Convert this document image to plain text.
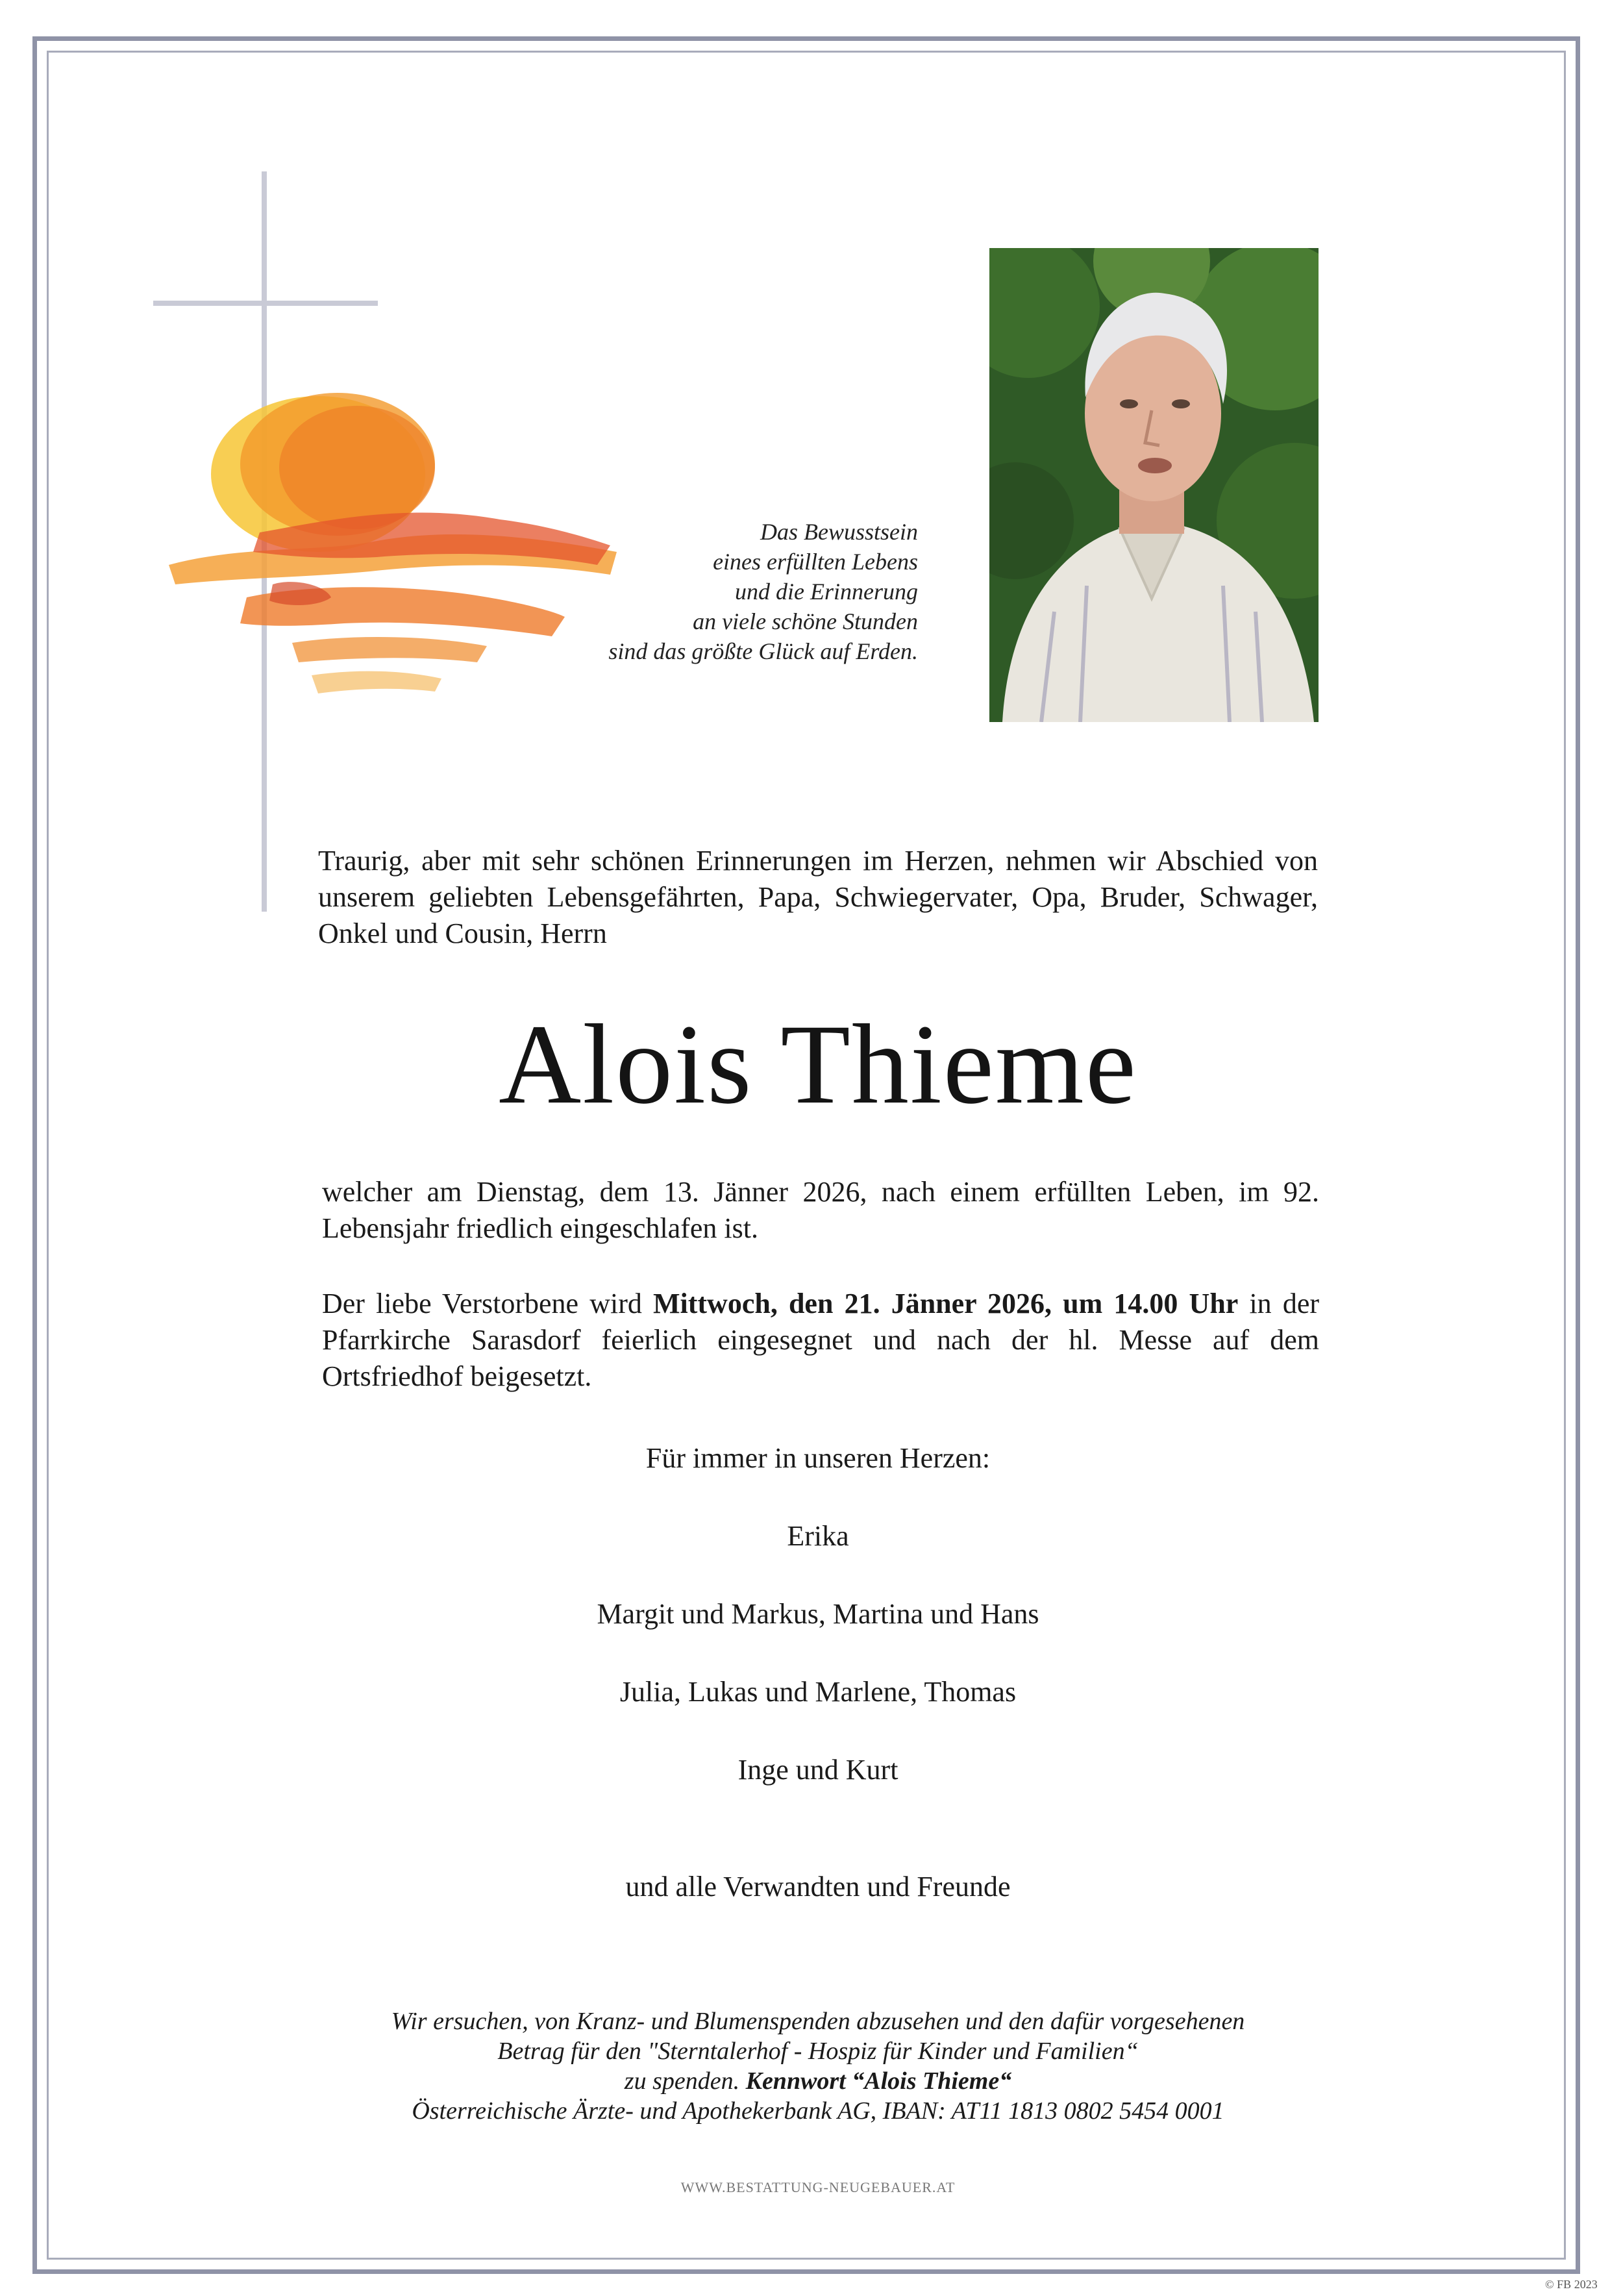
Das Bewusstsein
eines erfüllten Lebens
und die Erinnerung
an viele schöne Stunden
sind das größte Glück auf Erden.
Traurig, aber mit sehr schönen Erinnerungen im Herzen, nehmen wir Abschied von unserem geliebten Lebensgefährten, Papa, Schwiegervater, Opa, Bruder, Schwager, Onkel und Cousin, Herrn
Alois Thieme
welcher am Dienstag, dem 13. Jänner 2026, nach einem erfüllten Leben, im 92. Lebensjahr friedlich eingeschlafen ist.
Der liebe Verstorbene wird Mittwoch, den 21. Jänner 2026, um 14.00 Uhr in der Pfarrkirche Sarasdorf feierlich eingesegnet und nach der hl. Messe auf dem Ortsfriedhof beigesetzt.
Für immer in unseren Herzen:
Erika
Margit und Markus, Martina und Hans
Julia, Lukas und Marlene, Thomas
Inge und Kurt
und alle Verwandten und Freunde
Wir ersuchen, von Kranz- und Blumenspenden abzusehen und den dafür vorgesehenen
Betrag für den "Sterntalerhof - Hospiz für Kinder und Familien“
zu spenden. Kennwort “Alois Thieme“
Österreichische Ärzte- und Apothekerbank AG, IBAN: AT11 1813 0802 5454 0001
WWW.BESTATTUNG-NEUGEBAUER.AT
© FB 2023
